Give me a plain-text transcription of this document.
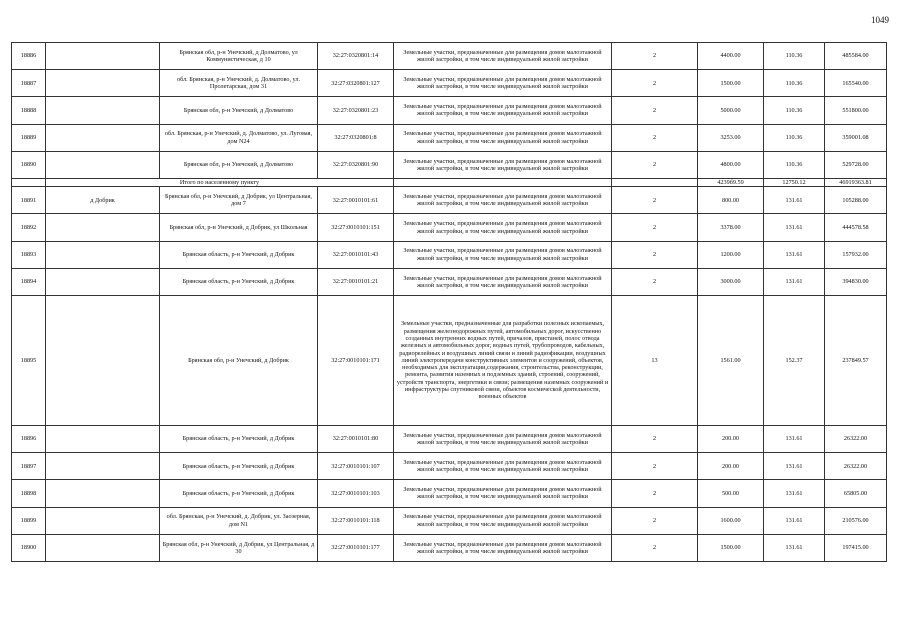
1049
18886		Брянская обл, р-н Унечский, д Долматово, ул Коммунистическая, д 10	32:27:0320801:14	Земельные участки, предназначенные для размещения домов малоэтажной жилой застройки, в том числе индивидуальной жилой застройки	2	4400.00	110.36	485584.00
18887		обл. Брянская, р-н Унечский, д. Долматово, ул. Пролетарская, дом 31	32:27:0320801:127	Земельные участки, предназначенные для размещения домов малоэтажной жилой застройки, в том числе индивидуальной жилой застройки	2	1500.00	110.36	165540.00
18888		Брянская обл, р-н Унечский, д Долматово	32:27:0320801:23	Земельные участки, предназначенные для размещения домов малоэтажной жилой застройки, в том числе индивидуальной жилой застройки	2	5000.00	110.36	551800.00
18889		обл. Брянская, р-н Унечский, д. Долматово, ул. Луговая, дом N24	32:27:0320801:8	Земельные участки, предназначенные для размещения домов малоэтажной жилой застройки, в том числе индивидуальной жилой застройки	2	3253.00	110.36	359001.08
18890		Брянская обл, р-н Унечский, д Долматово	32:27:0320801:90	Земельные участки, предназначенные для размещения домов малоэтажной жилой застройки, в том числе индивидуальной жилой застройки	2	4800.00	110.36	529728.00
	Итого по населенному пункту					4239б9.59	12750.12	46919363.81
18891	д Добрик	Брянская обл, р-н Унечский, д Добрик, ул Центральная, дом 7	32:27:0010101:61	Земельные участки, предназначенные для размещения домов малоэтажной жилой застройки, в том числе индивидуальной жилой застройки	2	800.00	131.61	105288.00
18892		Брянская обл, р-н Унечский, д Добрик, ул Школьная	32:27:0010101:151	Земельные участки, предназначенные для размещения домов малоэтажной жилой застройки, в том числе индивидуальной жилой застройки	2	3378.00	131.61	444578.58
18893		Брянская область, р-н Унечский, д Добрик	32:27:0010101:43	Земельные участки, предназначенные для размещения домов малоэтажной жилой застройки, в том числе индивидуальной жилой застройки	2	1200.00	131.61	157932.00
18894		Брянская область, р-н Унечский, д Добрик	32:27:0010101:21	Земельные участки, предназначенные для размещения домов малоэтажной жилой застройки, в том числе индивидуальной жилой застройки	2	3000.00	131.61	394830.00
18895		Брянская обл, р-н Унечский, д Добрик	32:27:0010101:171	Земельные участки, предназначенные для разработки полезных ископаемых, размещения железнодорожных путей, автомобильных дорог, искусственно созданных внутренних водных путей, причалов, пристаней, полос отвода железных и автомобильных дорог, водных путей, трубопроводов, кабельных, радиорелейных и воздушных линий связи и линий радиофикации, воздушных линий электропередачи конструктивных элементов и сооружений, объектов, необходимых для эксплуатации,содержания, строительства, реконструкции, ремонта, развития наземных и подземных зданий, строений, сооружений, устройств транспорта, энергетики и связи; размещения наземных сооружений и инфраструктуры спутниковой связи, объектов космической деятельности, военных объектов	13	1561.00	152.37	237849.57
18896		Брянская область, р-н Унечский, д Добрик	32:27:0010101:80	Земельные участки, предназначенные для размещения домов малоэтажной жилой застройки, в том числе индивидуальной жилой застройки	2	200.00	131.61	26322.00
18897		Брянская область, р-н Унечский, д Добрик	32:27:0010101:107	Земельные участки, предназначенные для размещения домов малоэтажной жилой застройки, в том числе индивидуальной жилой застройки	2	200.00	131.61	26322.00
18898		Брянская область, р-н Унечский, д Добрик	32:27:0010101:103	Земельные участки, предназначенные для размещения домов малоэтажной жилой застройки, в том числе индивидуальной жилой застройки	2	500.00	131.61	65805.00
18899		обл. Брянская, р-н Унечский, д. Добрик, ул. Заозерная, дом N1	32:27:0010101:118	Земельные участки, предназначенные для размещения домов малоэтажной жилой застройки, в том числе индивидуальной жилой застройки	2	1600.00	131.61	210576.00
18900		Брянская обл, р-н Унечский, д Добрик, ул Центральная, д 30	32:27:0010101:177	Земельные участки, предназначенные для размещения домов малоэтажной жилой застройки, в том числе индивидуальной жилой застройки	2	1500.00	131.61	197415.00
